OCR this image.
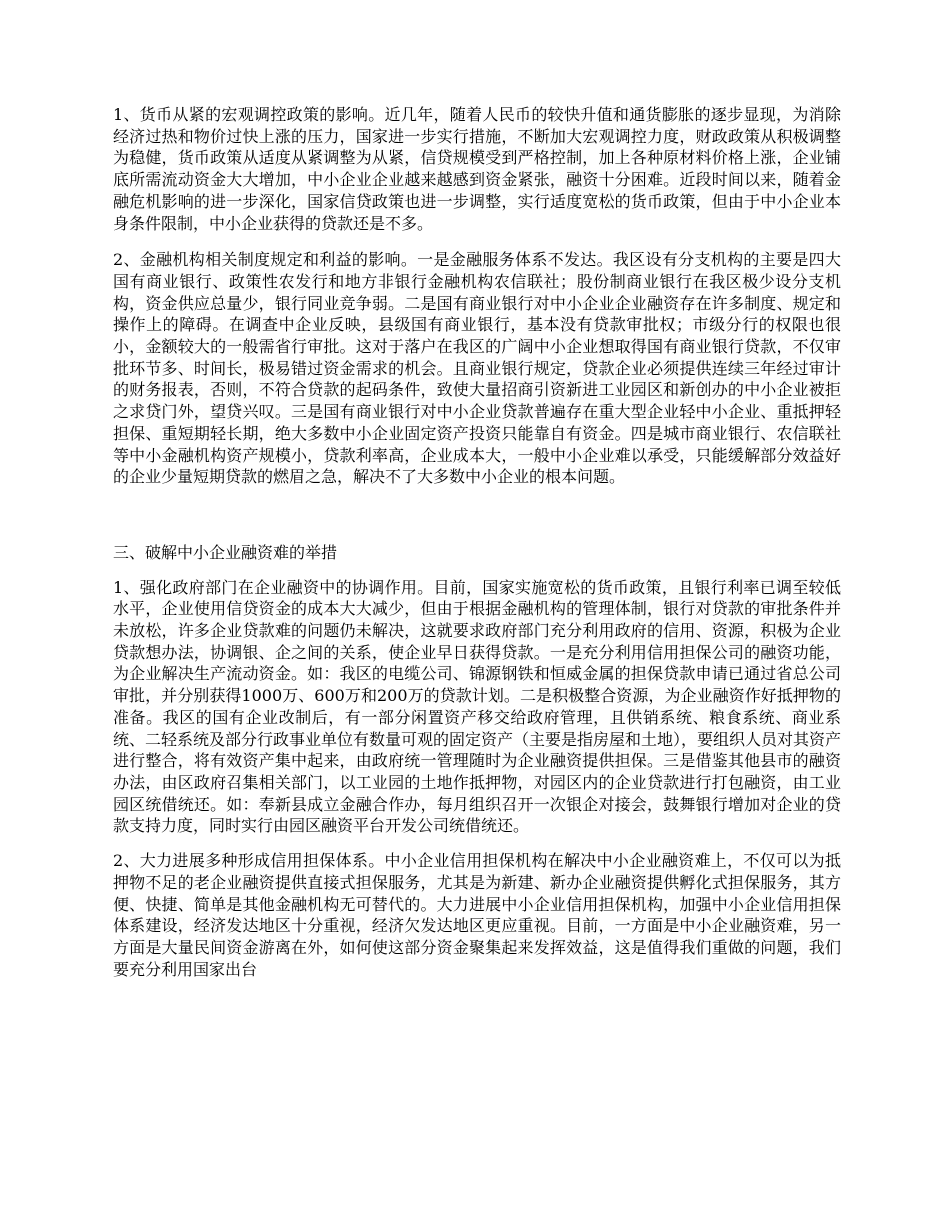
1、货币从紧的宏观调控政策的影响。近几年，随着人民币的较快升值和通货膨胀的逐步显现，为消除经济过热和物价过快上涨的压力，国家进一步实行措施，不断加大宏观调控力度，财政政策从积极调整为稳健，货币政策从适度从紧调整为从紧，信贷规模受到严格控制，加上各种原材料价格上涨，企业铺底所需流动资金大大增加，中小企业企业越来越感到资金紧张，融资十分困难。近段时间以来，随着金融危机影响的进一步深化，国家信贷政策也进一步调整，实行适度宽松的货币政策，但由于中小企业本身条件限制，中小企业获得的贷款还是不多。

2、金融机构相关制度规定和利益的影响。一是金融服务体系不发达。我区设有分支机构的主要是四大国有商业银行、政策性农发行和地方非银行金融机构农信联社；股份制商业银行在我区极少设分支机构，资金供应总量少，银行同业竞争弱。二是国有商业银行对中小企业企业融资存在许多制度、规定和操作上的障碍。在调查中企业反映，县级国有商业银行，基本没有贷款审批权；市级分行的权限也很小，金额较大的一般需省行审批。这对于落户在我区的广阔中小企业想取得国有商业银行贷款，不仅审批环节多、时间长，极易错过资金需求的机会。且商业银行规定，贷款企业必须提供连续三年经过审计的财务报表，否则，不符合贷款的起码条件，致使大量招商引资新进工业园区和新创办的中小企业被拒之求贷门外，望贷兴叹。三是国有商业银行对中小企业贷款普遍存在重大型企业轻中小企业、重抵押轻担保、重短期轻长期，绝大多数中小企业固定资产投资只能靠自有资金。四是城市商业银行、农信联社等中小金融机构资产规模小，贷款利率高，企业成本大，一般中小企业难以承受，只能缓解部分效益好的企业少量短期贷款的燃眉之急，解决不了大多数中小企业的根本问题。

三、破解中小企业融资难的举措

1、强化政府部门在企业融资中的协调作用。目前，国家实施宽松的货币政策，且银行利率已调至较低水平，企业使用信贷资金的成本大大减少，但由于根据金融机构的管理体制，银行对贷款的审批条件并未放松，许多企业贷款难的问题仍未解决，这就要求政府部门充分利用政府的信用、资源，积极为企业贷款想办法，协调银、企之间的关系，使企业早日获得贷款。一是充分利用信用担保公司的融资功能，为企业解决生产流动资金。如：我区的电缆公司、锦源钢铁和恒威金属的担保贷款申请已通过省总公司审批，并分别获得1000万、600万和200万的贷款计划。二是积极整合资源，为企业融资作好抵押物的准备。我区的国有企业改制后，有一部分闲置资产移交给政府管理，且供销系统、粮食系统、商业系统、二轻系统及部分行政事业单位有数量可观的固定资产（主要是指房屋和土地），要组织人员对其资产进行整合，将有效资产集中起来，由政府统一管理随时为企业融资提供担保。三是借鉴其他县市的融资办法，由区政府召集相关部门，以工业园的土地作抵押物，对园区内的企业贷款进行打包融资，由工业园区统借统还。如：奉新县成立金融合作办，每月组织召开一次银企对接会，鼓舞银行增加对企业的贷款支持力度，同时实行由园区融资平台开发公司统借统还。

2、大力进展多种形成信用担保体系。中小企业信用担保机构在解决中小企业融资难上，不仅可以为抵押物不足的老企业融资提供直接式担保服务，尤其是为新建、新办企业融资提供孵化式担保服务，其方便、快捷、简单是其他金融机构无可替代的。大力进展中小企业信用担保机构，加强中小企业信用担保体系建设，经济发达地区十分重视，经济欠发达地区更应重视。目前，一方面是中小企业融资难，另一方面是大量民间资金游离在外，如何使这部分资金聚集起来发挥效益，这是值得我们重做的问题，我们要充分利用国家出台
